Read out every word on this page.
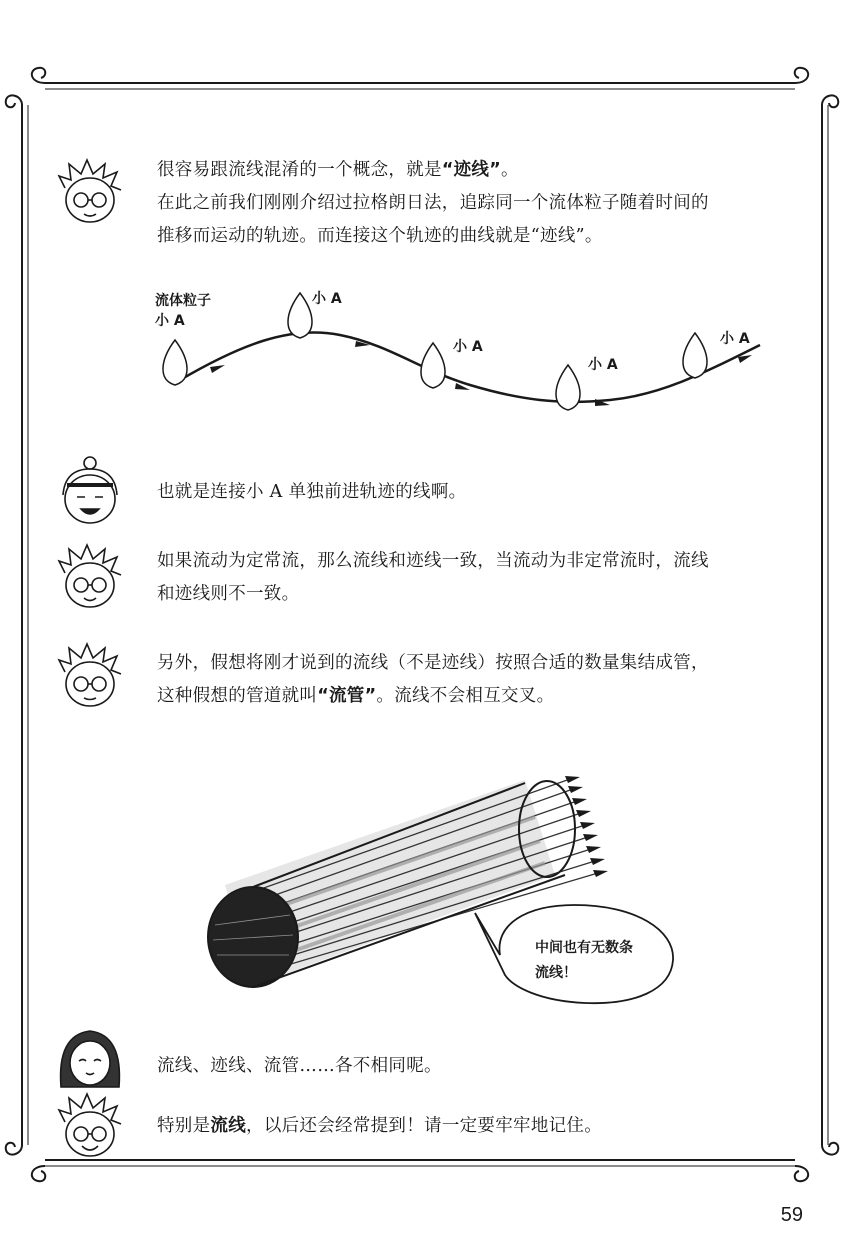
很容易跟流线混淆的一个概念，就是“迹线”。
在此之前我们刚刚介绍过拉格朗日法，追踪同一个流体粒子随着时间的
推移而运动的轨迹。而连接这个轨迹的曲线就是“迹线”。
流体粒子
小 A
小 A
小 A
小 A
小 A
也就是连接小 A 单独前进轨迹的线啊。
如果流动为定常流，那么流线和迹线一致，当流动为非定常流时，流线
和迹线则不一致。
另外，假想将刚才说到的流线（不是迹线）按照合适的数量集结成管，
这种假想的管道就叫“流管”。流线不会相互交叉。
中间也有无数条
流线！
流线、迹线、流管……各不相同呢。
特别是流线，以后还会经常提到！请一定要牢牢地记住。
59
